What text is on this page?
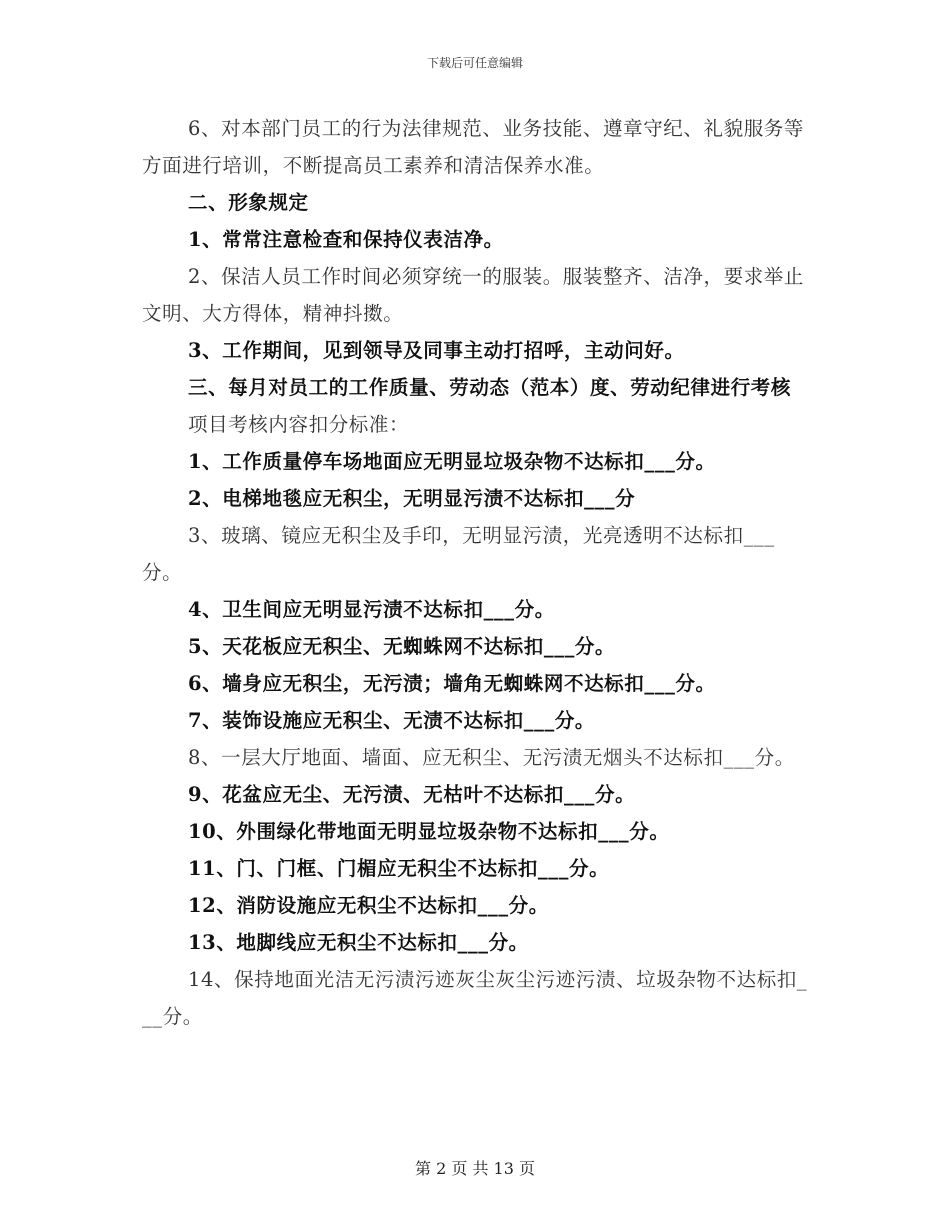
下载后可任意编辑

6、对本部门员工的行为法律规范、业务技能、遵章守纪、礼貌服务等方面进行培训，不断提高员工素养和清洁保养水准。

二、形象规定

1、常常注意检查和保持仪表洁净。

2、保洁人员工作时间必须穿统一的服装。服装整齐、洁净，要求举止文明、大方得体，精神抖擞。

3、工作期间，见到领导及同事主动打招呼，主动问好。

三、每月对员工的工作质量、劳动态（范本）度、劳动纪律进行考核

项目考核内容扣分标准：

1、工作质量停车场地面应无明显垃圾杂物不达标扣___分。

2、电梯地毯应无积尘，无明显污渍不达标扣___分

3、玻璃、镜应无积尘及手印，无明显污渍，光亮透明不达标扣___分。

4、卫生间应无明显污渍不达标扣___分。

5、天花板应无积尘、无蜘蛛网不达标扣___分。

6、墙身应无积尘，无污渍；墙角无蜘蛛网不达标扣___分。

7、装饰设施应无积尘、无渍不达标扣___分。

8、一层大厅地面、墙面、应无积尘、无污渍无烟头不达标扣___分。

9、花盆应无尘、无污渍、无枯叶不达标扣___分。

10、外围绿化带地面无明显垃圾杂物不达标扣___分。

11、门、门框、门楣应无积尘不达标扣___分。

12、消防设施应无积尘不达标扣___分。

13、地脚线应无积尘不达标扣___分。

14、保持地面光洁无污渍污迹灰尘灰尘污迹污渍、垃圾杂物不达标扣___分。

第 2 页 共 13 页
